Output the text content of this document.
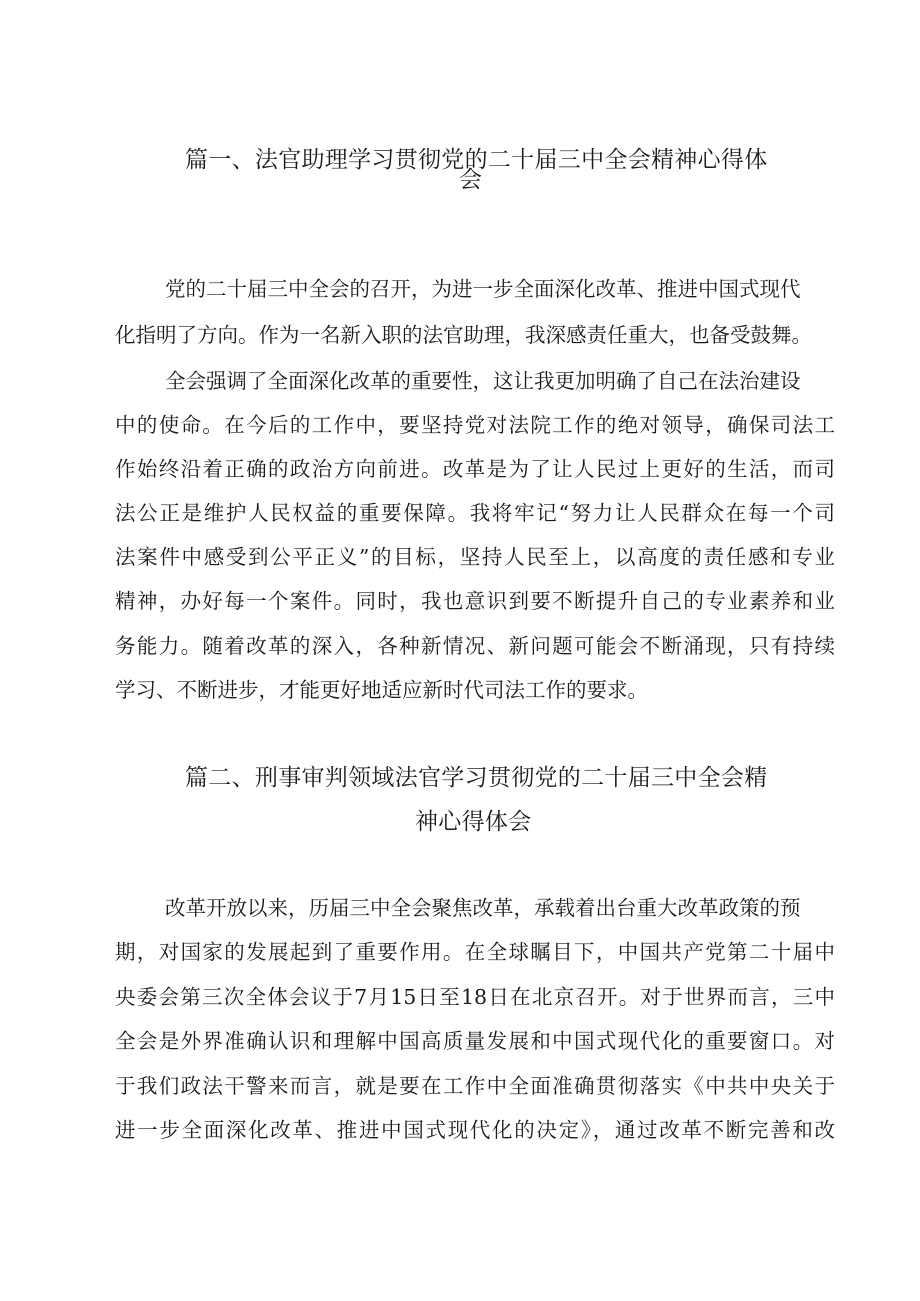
篇一、法官助理学习贯彻党的二十届三中全会精神心得体
会
党的二十届三中全会的召开，为进一步全面深化改革、推进中国式现代
化指明了方向。作为一名新入职的法官助理，我深感责任重大，也备受鼓舞。
全会强调了全面深化改革的重要性，这让我更加明确了自己在法治建设
中的使命。在今后的工作中，要坚持党对法院工作的绝对领导，确保司法工
作始终沿着正确的政治方向前进。改革是为了让人民过上更好的生活，而司
法公正是维护人民权益的重要保障。我将牢记“努力让人民群众在每一个司
法案件中感受到公平正义”的目标，坚持人民至上，以高度的责任感和专业
精神，办好每一个案件。同时，我也意识到要不断提升自己的专业素养和业
务能力。随着改革的深入，各种新情况、新问题可能会不断涌现，只有持续
学习、不断进步，才能更好地适应新时代司法工作的要求。
篇二、刑事审判领域法官学习贯彻党的二十届三中全会精
神心得体会
改革开放以来，历届三中全会聚焦改革，承载着出台重大改革政策的预
期，对国家的发展起到了重要作用。在全球瞩目下，中国共产党第二十届中
央委会第三次全体会议于7月15日至18日在北京召开。对于世界而言，三中
全会是外界准确认识和理解中国高质量发展和中国式现代化的重要窗口。对
于我们政法干警来而言，就是要在工作中全面准确贯彻落实《中共中央关于
进一步全面深化改革、推进中国式现代化的决定》，通过改革不断完善和改
